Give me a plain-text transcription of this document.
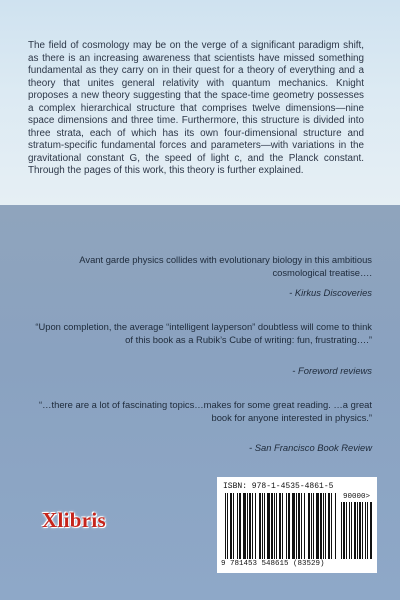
The field of cosmology may be on the verge of a significant paradigm shift, as there is an increasing awareness that scientists have missed something fundamental as they carry on in their quest for a theory of everything and a theory that unites general relativity with quantum mechanics. Knight proposes a new theory suggesting that the space-time geometry possesses a complex hierarchical structure that comprises twelve dimensions—nine space dimensions and three time. Furthermore, this structure is divided into three strata, each of which has its own four-dimensional structure and stratum-specific fundamental forces and parameters—with variations in the gravitational constant G, the speed of light c, and the Planck constant. Through the pages of this work, this theory is further explained.

Avant garde physics collides with evolutionary biology in this ambitious cosmological treatise….

- Kirkus Discoveries

“Upon completion, the average “intelligent layperson” doubtless will come to think of this book as a Rubik’s Cube of writing: fun, frustrating….”

- Foreword reviews

“…there are a lot of fascinating topics…makes for some great reading. …a great book for anyone interested in physics.”

- San Francisco Book Review

Xlibris
ISBN: 978-1-4535-4861-5
90000>
9 781453 548615 (83529)
